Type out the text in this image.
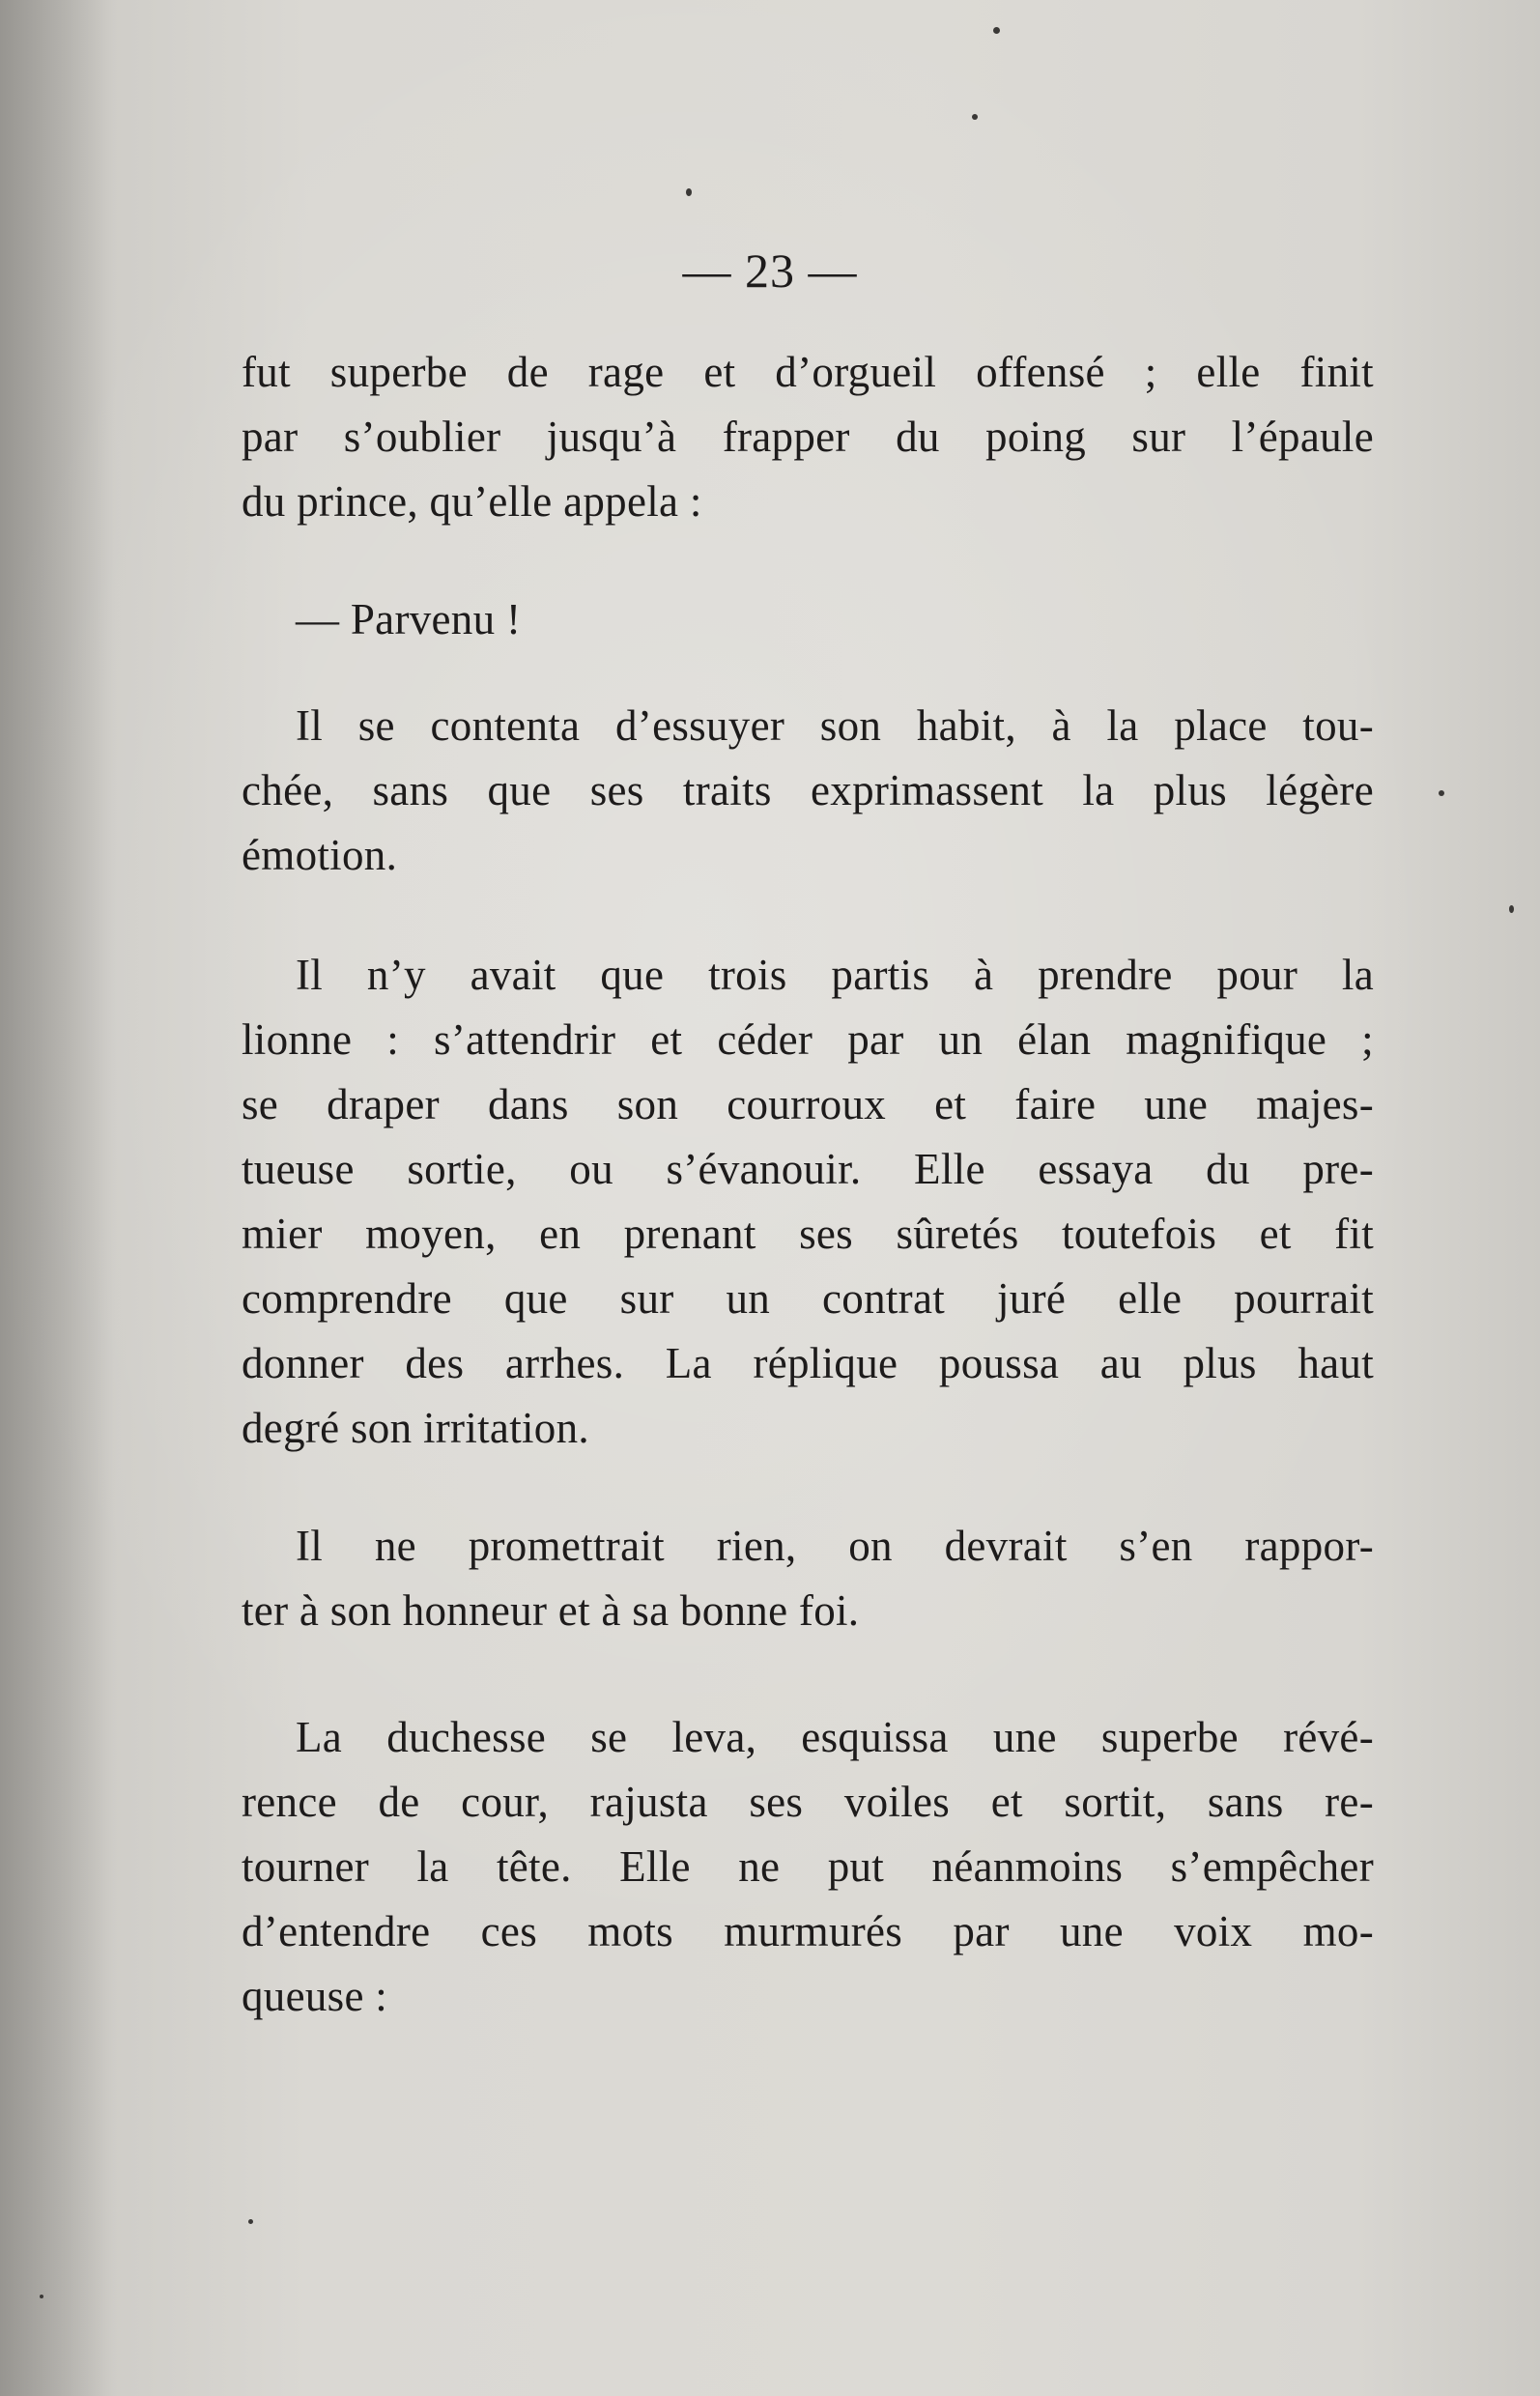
— 23 —
fut superbe de rage et d’orgueil offensé ; elle finit
par s’oublier jusqu’à frapper du poing sur l’épaule
du prince, qu’elle appela :
— Parvenu !
Il se contenta d’essuyer son habit, à la place tou-
chée, sans que ses traits exprimassent la plus légère
émotion.
Il n’y avait que trois partis à prendre pour la
lionne : s’attendrir et céder par un élan magnifique ;
se draper dans son courroux et faire une majes-
tueuse sortie, ou s’évanouir. Elle essaya du pre-
mier moyen, en prenant ses sûretés toutefois et fit
comprendre que sur un contrat juré elle pourrait
donner des arrhes. La réplique poussa au plus haut
degré son irritation.
Il ne promettrait rien, on devrait s’en rappor-
ter à son honneur et à sa bonne foi.
La duchesse se leva, esquissa une superbe révé-
rence de cour, rajusta ses voiles et sortit, sans re-
tourner la tête. Elle ne put néanmoins s’empêcher
d’entendre ces mots murmurés par une voix mo-
queuse :
